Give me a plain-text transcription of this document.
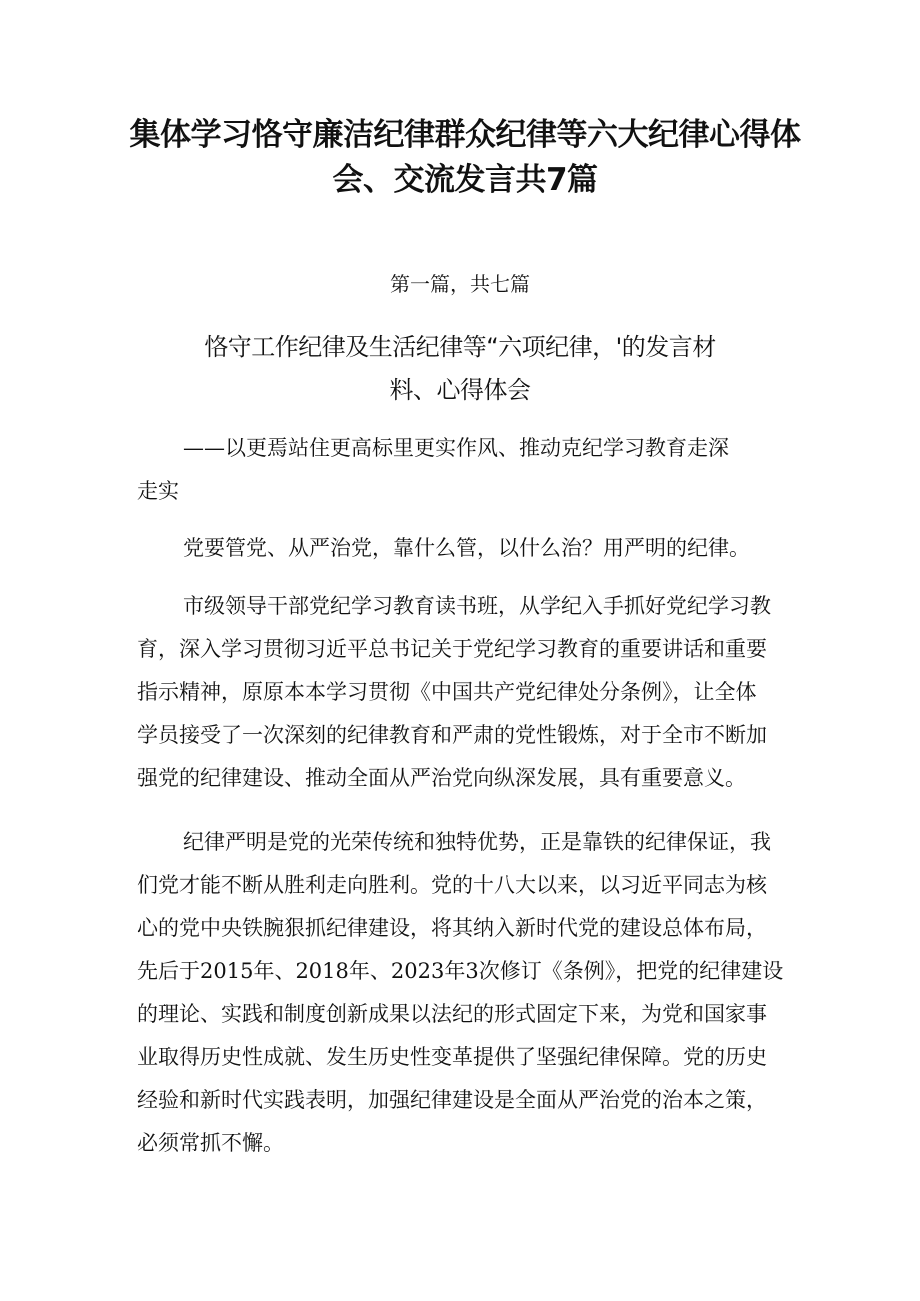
集体学习恪守廉洁纪律群众纪律等六大纪律心得体
会、交流发言共7篇
第一篇，共七篇
恪守工作纪律及生活纪律等“六项纪律，'的发言材
料、心得体会
——以更焉站住更高标里更实作风、推动克纪学习教育走深
走实
党要管党、从严治党，靠什么管，以什么治？用严明的纪律。
市级领导干部党纪学习教育读书班，从学纪入手抓好党纪学习教
育，深入学习贯彻习近平总书记关于党纪学习教育的重要讲话和重要
指示精神，原原本本学习贯彻《中国共产党纪律处分条例》，让全体
学员接受了一次深刻的纪律教育和严肃的党性锻炼，对于全市不断加
强党的纪律建设、推动全面从严治党向纵深发展，具有重要意义。
纪律严明是党的光荣传统和独特优势，正是靠铁的纪律保证，我
们党才能不断从胜利走向胜利。党的十八大以来，以习近平同志为核
心的党中央铁腕狠抓纪律建设，将其纳入新时代党的建设总体布局，
先后于2015年、2018年、2023年3次修订《条例》，把党的纪律建设
的理论、实践和制度创新成果以法纪的形式固定下来，为党和国家事
业取得历史性成就、发生历史性变革提供了坚强纪律保障。党的历史
经验和新时代实践表明，加强纪律建设是全面从严治党的治本之策，
必须常抓不懈。
